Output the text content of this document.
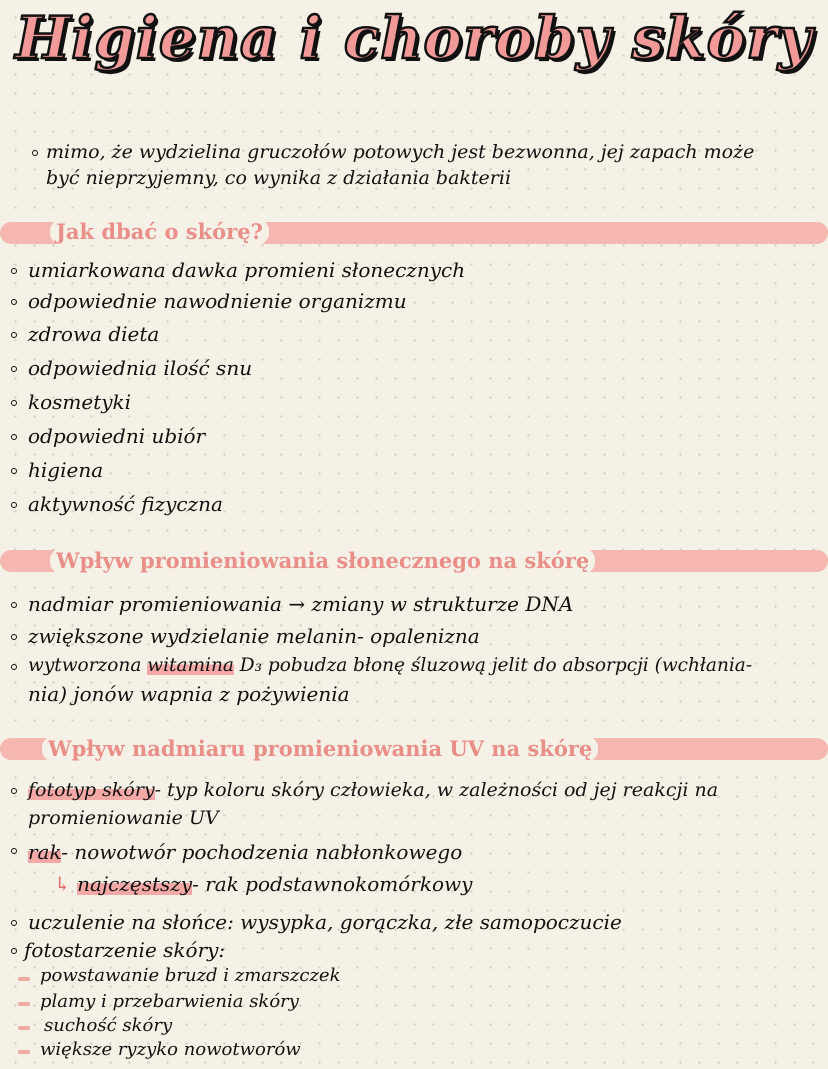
Higiena i choroby skóry
mimo, że wydzielina gruczołów potowych jest bezwonna, jej zapach może
być nieprzyjemny, co wynika z działania bakterii
Jak dbać o skórę?
umiarkowana dawka promieni słonecznych
odpowiednie nawodnienie organizmu
zdrowa dieta
odpowiednia ilość snu
kosmetyki
odpowiedni ubiór
higiena
aktywność fizyczna
Wpływ promieniowania słonecznego na skórę
nadmiar promieniowania → zmiany w strukturze DNA
zwiększone wydzielanie melanin- opalenizna
wytworzona witamina D₃ pobudza błonę śluzową jelit do absorpcji (wchłania-
nia) jonów wapnia z pożywienia
Wpływ nadmiaru promieniowania UV na skórę
fototyp skóry- typ koloru skóry człowieka, w zależności od jej reakcji na
promieniowanie UV
rak- nowotwór pochodzenia nabłonkowego
↳ najczęstszy- rak podstawnokomórkowy
uczulenie na słońce: wysypka, gorączka, złe samopoczucie
fotostarzenie skóry:
powstawanie bruzd i zmarszczek
plamy i przebarwienia skóry
suchość skóry
większe ryzyko nowotworów
